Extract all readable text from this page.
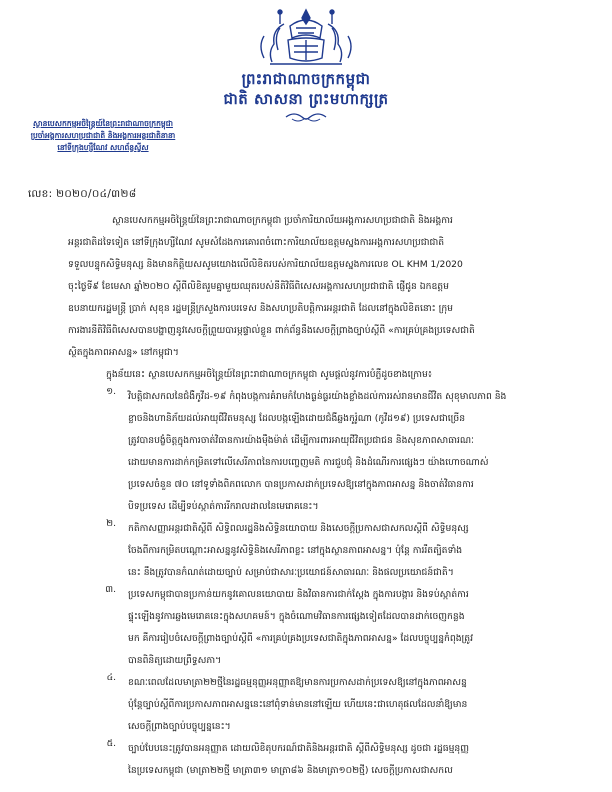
ព្រះរាជាណាចក្រកម្ពុជា
ជាតិ សាសនា ព្រះមហាក្សត្រ
ស្ថានបេសកកម្មអចិន្ត្រៃយ៍នៃព្រះរាជាណាចក្រកម្ពុជា
ប្រចាំអង្គការសហប្រជាជាតិ និងអង្គការអន្តរជាតិនានា
នៅទីក្រុងហ្សឺណែវ សហព័ន្ធស្វីស
លេខ: ២០២០/០៤/៣២៨
ស្ថានបេសកកម្មអចិន្ត្រៃយ៍នៃព្រះរាជាណាចក្រកម្ពុជា ប្រចាំការិយាល័យអង្គការសហប្រជាជាតិ និងអង្គការ
អន្តរជាតិដទៃទៀត នៅទីក្រុងហ្សឺណែវ សូមសំដែងការគោរពចំពោះការិយាល័យឧត្តមស្នងការអង្គការសហប្រជាជាតិ
ទទួលបន្ទុកសិទ្ធិមនុស្ស និងមានកិត្តិយសសូមយោងលើលិខិតរបស់ការិយាល័យឧត្តមស្នងការលេខ OL KHM 1/2020
ចុះថ្ងៃទី៩ ខែមេសា ឆ្នាំ២០២០ ស្តីពីលិខិតរួមគ្នាមួយឈុតរបស់នីតិវិធីពិសេសអង្គការសហប្រជាជាតិ ផ្ញើជូន ឯកឧត្តម
ឧបនាយករដ្ឋមន្ត្រី ប្រាក់ សុខុន រដ្ឋមន្ត្រីក្រសួងការបរទេស និងសហប្រតិបត្តិការអន្តរជាតិ ដែលនៅក្នុងលិខិតនោះ ក្រុម
ការងារនីតិវិធីពិសេសបានបង្ហាញនូវសេចក្តីព្រួយបារម្ភផ្ទាល់ខ្លួន ពាក់ព័ន្ធនឹងសេចក្តីព្រាងច្បាប់ស្តីពី «ការគ្រប់គ្រងប្រទេសជាតិ
ស្ថិតក្នុងភាពអាសន្ន» នៅកម្ពុជា។
ក្នុងន័យនេះ ស្ថានបេសកកម្មអចិន្ត្រៃយ៍នៃព្រះរាជាណាចក្រកម្ពុជា សូមផ្តល់នូវការបំភ្លឺដូចខាងក្រោម៖
១.	វិបត្តិជាសកលនៃជំងឺកូវីដ-១៩ កំពុងបង្កការគំរាមកំហែងធ្ងន់ធ្ងរយ៉ាងខ្លាំងដល់ការរស់រានមានជីវិត សុខុមាលភាព និង
ខ្លាចនិងហានិភ័យដល់អាយុជីវិតមនុស្ស ដែលបង្កឡើងដោយជំងឺឆ្លងកូរ៉ូណា (កូវីដ១៩) ប្រទេសជាច្រើន
ត្រូវបានបង្ខំចិត្តក្នុងការចាត់វិធានការយ៉ាងម៉ឺងម៉ាត់ ដើម្បីការពារអាយុជីវិតប្រជាជន និងសុខភាពសាធារណៈ
ដោយមានការដាក់កម្រិតទៅលើសេរីភាពនៃការបញ្ចេញមតិ ការជួបជុំ និងដំណើរការផ្សេងៗ យ៉ាងហោចណាស់
ប្រទេសចំនួន ៧០ នៅទូទាំងពិភពលោក បានប្រកាសដាក់ប្រទេសឱ្យនៅក្នុងភាពអាសន្ន និងចាត់វិធានការ
បិទប្រទេស ដើម្បីទប់ស្កាត់ការរីករាលដាលនៃមេរោគនេះ។
២.	កតិកាសញ្ញាអន្តរជាតិស្តីពី សិទ្ធិពលរដ្ឋនិងសិទ្ធិនយោបាយ និងសេចក្តីប្រកាសជាសកលស្តីពី សិទ្ធិមនុស្ស
ចែងពីការកម្រិតបណ្តោះអាសន្ននូវសិទ្ធិនិងសេរីភាពខ្លះ នៅក្នុងស្ថានភាពអាសន្ន។ ប៉ុន្តែ ការរឹតត្បិតទាំង
នេះ នឹងត្រូវបានកំណត់ដោយច្បាប់ សម្រាប់ជាសារៈប្រយោជន៍សាធារណៈ និងផលប្រយោជន៍ជាតិ។
៣.	ប្រទេសកម្ពុជាបានប្រកាន់យកនូវគោលនយោបាយ និងវិធានការជាក់ស្តែង ក្នុងការបង្ការ និងទប់ស្កាត់ការ
ផ្ទុះឡើងនូវការឆ្លងមេរោគនេះក្នុងសហគមន៍។ ក្នុងចំណោមវិធានការផ្សេងទៀតដែលបានដាក់ចេញកន្លង
មក គឺការរៀបចំសេចក្តីព្រាងច្បាប់ស្តីពី «ការគ្រប់គ្រងប្រទេសជាតិក្នុងភាពអាសន្ន» ដែលបច្ចុប្បន្នកំពុងត្រូវ
បានពិនិត្យដោយព្រឹទ្ធសភា។
៤.	ខណៈពេលដែលមាត្រា២២ថ្មីនៃរដ្ឋធម្មនុញ្ញអនុញ្ញាតឱ្យមានការប្រកាសដាក់ប្រទេសឱ្យនៅក្នុងភាពអាសន្ន
ប៉ុន្តែច្បាប់ស្តីពីការប្រកាសភាពអាសន្ននេះនៅពុំទាន់មាននៅឡើយ ហើយនេះជាហេតុផលដែលនាំឱ្យមាន
សេចក្តីព្រាងច្បាប់បច្ចុប្បន្ននេះ។
៥.	ច្បាប់បែបនេះត្រូវបានអនុញ្ញាត ដោយលិខិតុបករណ៍ជាតិនិងអន្តរជាតិ ស្តីពីសិទ្ធិមនុស្ស ដូចជា រដ្ឋធម្មនុញ្ញ
នៃប្រទេសកម្ពុជា (មាត្រា២២ថ្មី មាត្រា៣១ មាត្រា៨៦ និងមាត្រា១០២ថ្មី) សេចក្តីប្រកាសជាសកល
